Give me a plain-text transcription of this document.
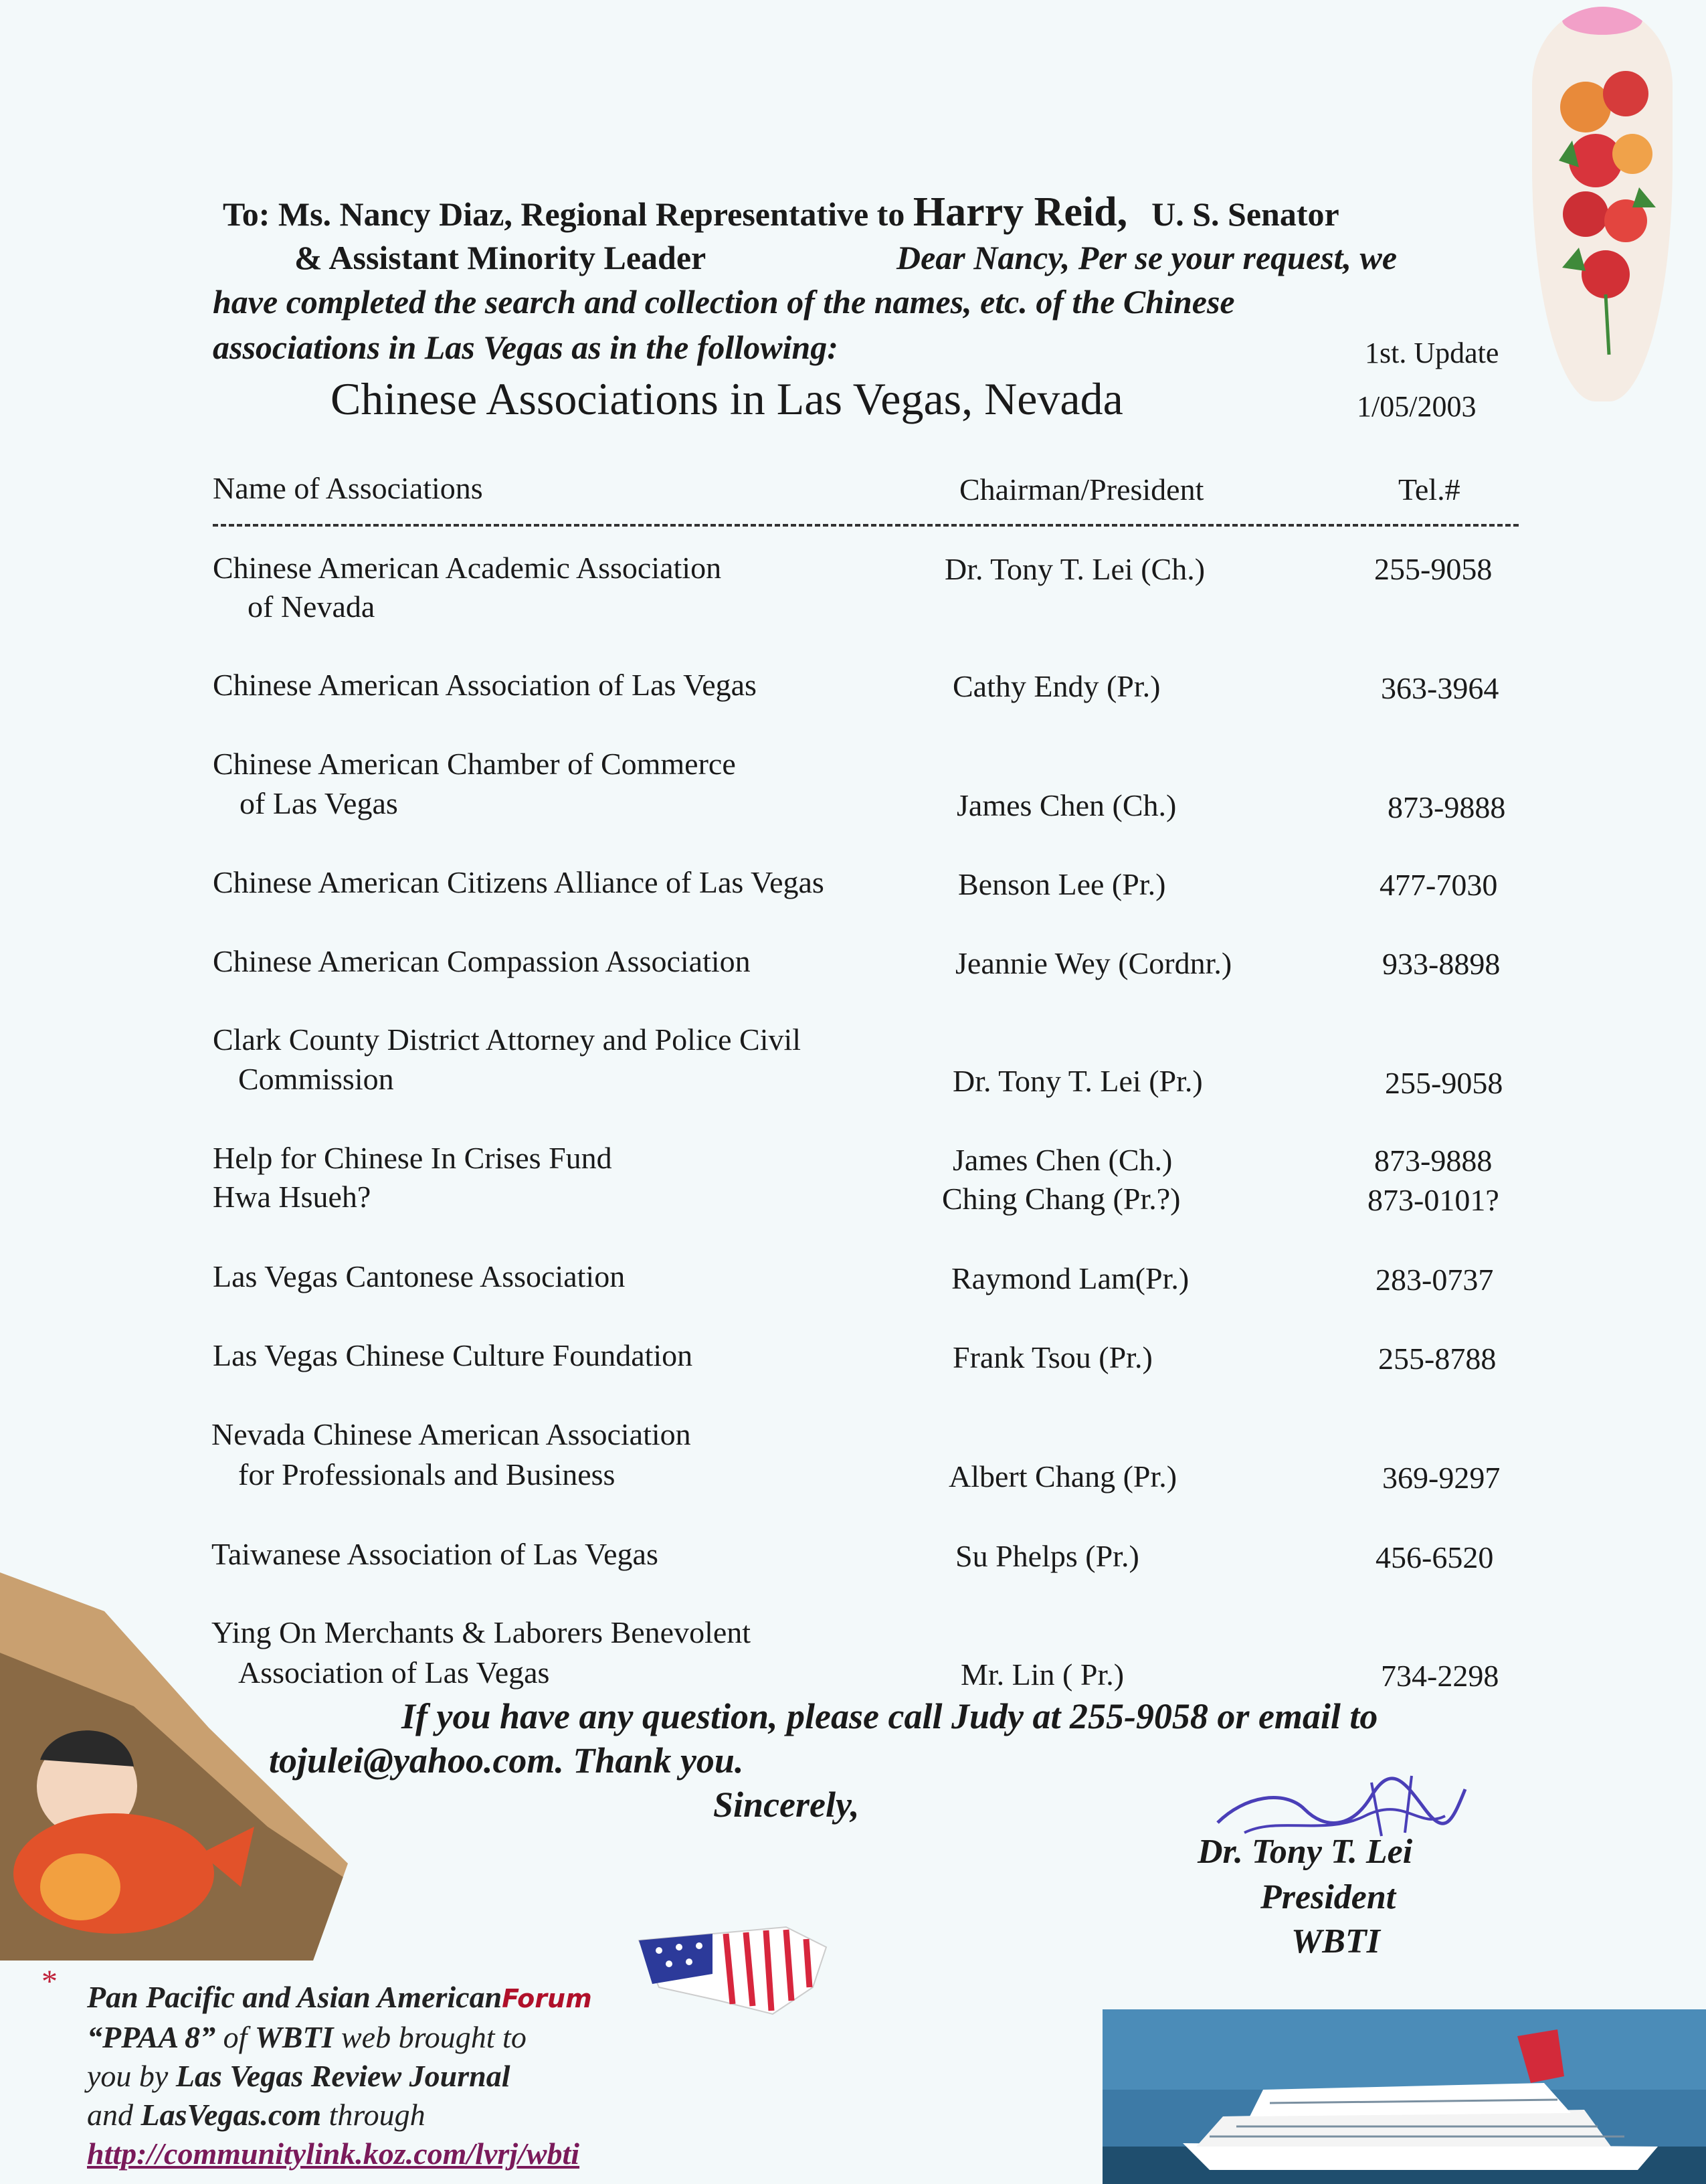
To: Ms. Nancy Diaz, Regional Representative to Harry Reid, U. S. Senator
& Assistant Minority Leader	Dear Nancy, Per se your request, we
have completed the search and collection of the names, etc. of the Chinese
associations in Las Vegas as in the following:	1st. Update
Chinese Associations in Las Vegas, Nevada	1/05/2003
Name of Associations	Chairman/President	Tel.#
Chinese American Academic Association
of Nevada
Dr. Tony T. Lei (Ch.)	255-9058
Chinese American Association of Las Vegas	Cathy Endy (Pr.)	363-3964
Chinese American Chamber of Commerce
of Las Vegas	James Chen (Ch.)	873-9888
Chinese American Citizens Alliance of Las Vegas	Benson Lee (Pr.)	477-7030
Chinese American Compassion Association	Jeannie Wey (Cordnr.)	933-8898
Clark County District Attorney and Police Civil
Commission	Dr. Tony T. Lei (Pr.)	255-9058
Help for Chinese In Crises Fund	James Chen (Ch.)	873-9888
Hwa Hsueh?	Ching Chang (Pr.?)	873-0101?
Las Vegas Cantonese Association	Raymond Lam(Pr.)	283-0737
Las Vegas Chinese Culture Foundation	Frank Tsou (Pr.)	255-8788
Nevada Chinese American Association
for Professionals and Business	Albert Chang (Pr.)	369-9297
Taiwanese Association of Las Vegas	Su Phelps (Pr.)	456-6520
Ying On Merchants & Laborers Benevolent
Association of Las Vegas	Mr. Lin ( Pr.)	734-2298
If you have any question, please call Judy at 255-9058 or email to
tojulei@yahoo.com. Thank you.
Sincerely,
Dr. Tony T. Lei
President
WBTI
* Pan Pacific and Asian AmericanForum
“PPAA 8” of WBTI web brought to
you by Las Vegas Review Journal
and LasVegas.com through
http://communitylink.koz.com/lvrj/wbti
